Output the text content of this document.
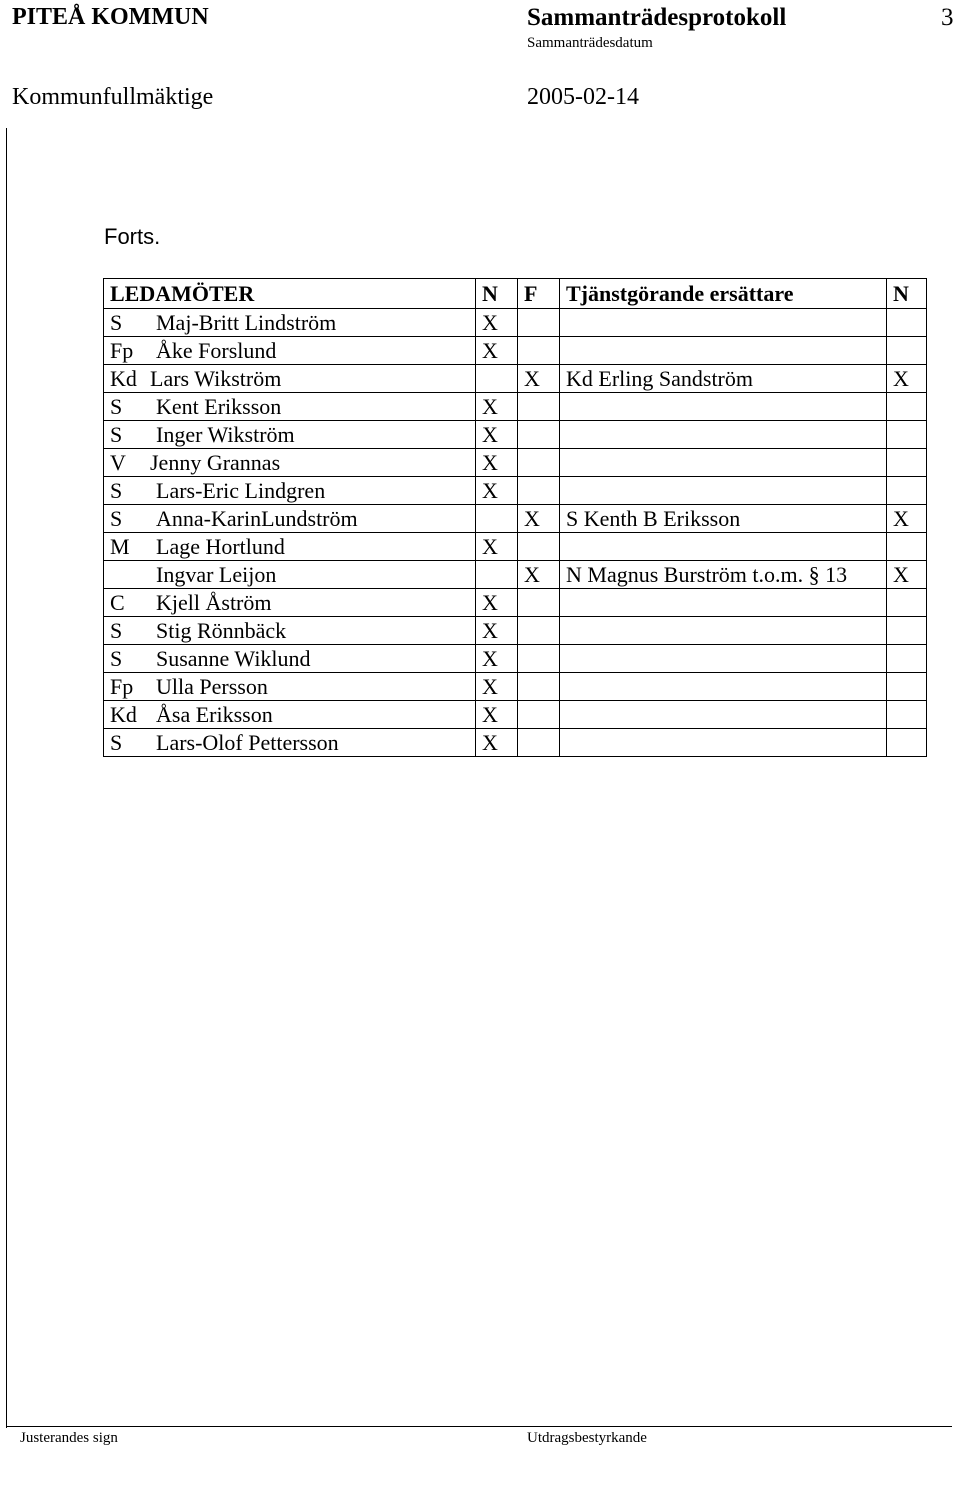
PITEÅ KOMMUN	Sammanträdesprotokoll	3
Sammanträdesdatum
Kommunfullmäktige	2005-02-14
Forts.
LEDAMÖTER	N	F	Tjänstgörande ersättare	N
S Maj-Britt Lindström	X			
Fp Åke Forslund	X			
Kd Lars Wikström		X	Kd Erling Sandström	X
S Kent Eriksson	X			
S Inger Wikström	X			
V Jenny Grannas	X			
S Lars-Eric Lindgren	X			
S Anna-KarinLundström		X	S Kenth B Eriksson	X
M Lage Hortlund	X			
Ingvar Leijon		X	N Magnus Burström t.o.m. § 13	X
C Kjell Åström	X			
S Stig Rönnbäck	X			
S Susanne Wiklund	X			
Fp Ulla Persson	X			
Kd Åsa Eriksson	X			
S Lars-Olof Pettersson	X			
Justerandes sign	Utdragsbestyrkande
